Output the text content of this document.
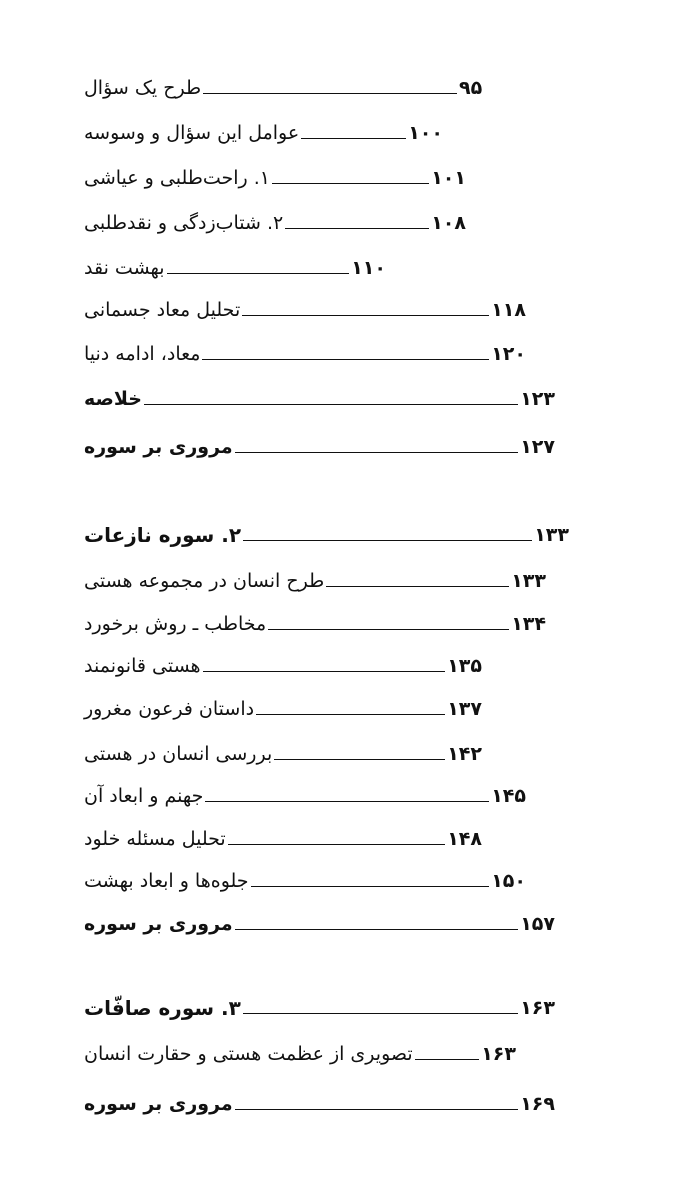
طرح یک سؤال	۹۵
عوامل این سؤال و وسوسه	۱۰۰
۱. راحت‌طلبی و عیاشی	۱۰۱
۲. شتاب‌زدگی و نقدطلبی	۱۰۸
بهشت نقد	۱۱۰
تحلیل معاد جسمانی	۱۱۸
معاد، ادامه دنیا	۱۲۰
خلاصه	۱۲۳
مروری بر سوره	۱۲۷
۲. سوره نازعات	۱۳۳
طرح انسان در مجموعه هستی	۱۳۳
مخاطب ـ روش برخورد	۱۳۴
هستی قانونمند	۱۳۵
داستان فرعون مغرور	۱۳۷
بررسی انسان در هستی	۱۴۲
جهنم و ابعاد آن	۱۴۵
تحلیل مسئله خلود	۱۴۸
جلوه‌ها و ابعاد بهشت	۱۵۰
مروری بر سوره	۱۵۷
۳. سوره صافّات	۱۶۳
تصویری از عظمت هستی و حقارت انسان	۱۶۳
مروری بر سوره	۱۶۹
